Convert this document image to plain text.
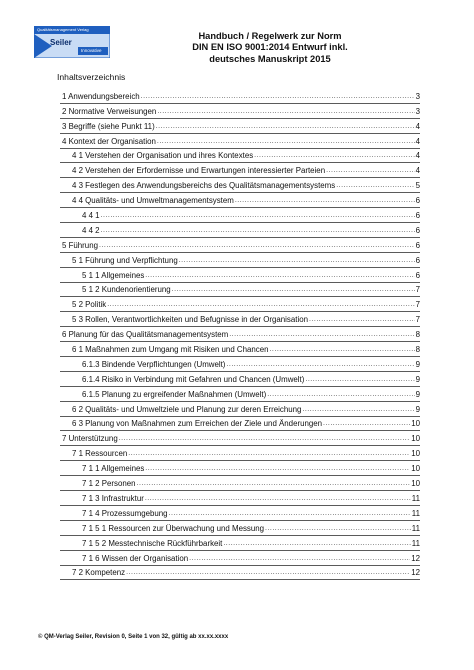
Qualitätsmanagement Verlag
Seiler
Innovative
Handbuch / Regelwerk zur Norm
DIN EN ISO 9001:2014 Entwurf inkl.
deutsches Manuskript 2015
Inhaltsverzeichnis
1 Anwendungsbereich .....	3
2 Normative Verweisungen .....	3
3 Begriffe (siehe Punkt 11) .....	4
4 Kontext der Organisation .....	4
4 1 Verstehen der Organisation und ihres Kontextes .....	4
4 2 Verstehen der Erfordernisse und Erwartungen interessierter Parteien .....	4
4 3 Festlegen des Anwendungsbereichs des Qualitätsmanagementsystems .....	5
4 4 Qualitäts- und Umweltmanagementsystem .....	6
4 4 1 .....	6
4 4 2 .....	6
5 Führung .....	6
5 1 Führung und Verpflichtung .....	6
5 1 1 Allgemeines .....	6
5 1 2 Kundenorientierung .....	7
5 2 Politik .....	7
5 3 Rollen, Verantwortlichkeiten und Befugnisse in der Organisation .....	7
6 Planung für das Qualitätsmanagementsystem .....	8
6 1 Maßnahmen zum Umgang mit Risiken und Chancen .....	8
6.1.3 Bindende Verpflichtungen (Umwelt) .....	9
6.1.4 Risiko in Verbindung mit Gefahren und Chancen (Umwelt) .....	9
6.1.5 Planung zu ergreifender Maßnahmen (Umwelt) .....	9
6 2 Qualitäts- und Umweltziele und Planung zur deren Erreichung .....	9
6 3 Planung von Maßnahmen zum Erreichen der Ziele und Änderungen .....	10
7 Unterstützung .....	10
7 1 Ressourcen .....	10
7 1 1 Allgemeines .....	10
7 1 2 Personen .....	10
7 1 3 Infrastruktur .....	11
7 1 4 Prozessumgebung .....	11
7 1 5 1 Ressourcen zur Überwachung und Messung .....	11
7 1 5 2 Messtechnische Rückführbarkeit .....	11
7 1 6 Wissen der Organisation .....	12
7 2 Kompetenz .....	12
© QM-Verlag Seiler, Revision 0, Seite 1 von 32, gültig ab xx.xx.xxxx
